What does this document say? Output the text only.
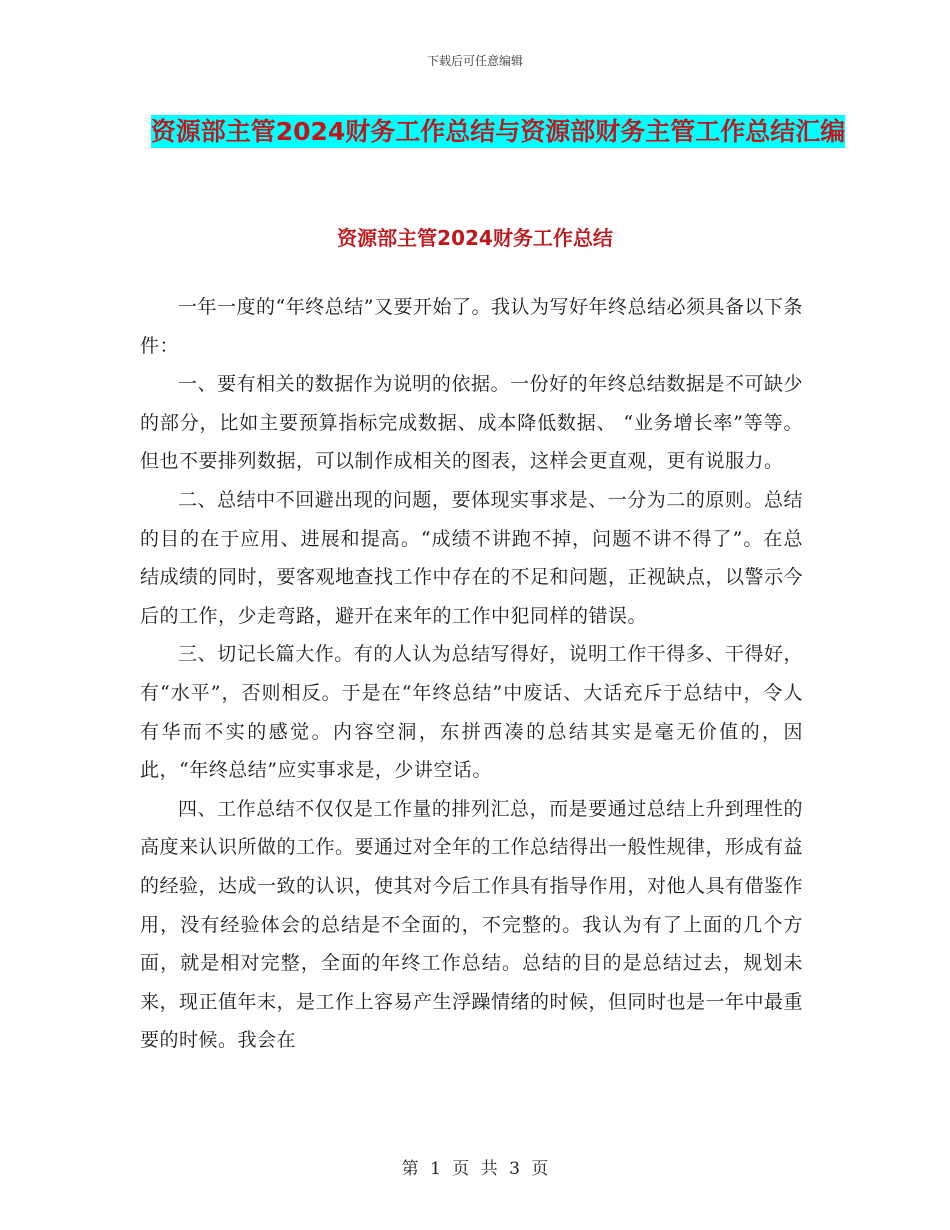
下载后可任意编辑
资源部主管2024财务工作总结与资源部财务主管工作总结汇编
资源部主管2024财务工作总结

一年一度的“年终总结”又要开始了。我认为写好年终总结必须具备以下条件：

一、要有相关的数据作为说明的依据。一份好的年终总结数据是不可缺少的部分，比如主要预算指标完成数据、成本降低数据、 “业务增长率”等等。但也不要排列数据，可以制作成相关的图表，这样会更直观，更有说服力。

二、总结中不回避出现的问题，要体现实事求是、一分为二的原则。总结的目的在于应用、进展和提高。“成绩不讲跑不掉，问题不讲不得了”。在总结成绩的同时，要客观地查找工作中存在的不足和问题，正视缺点，以警示今后的工作，少走弯路，避开在来年的工作中犯同样的错误。

三、切记长篇大作。有的人认为总结写得好，说明工作干得多、干得好，有“水平”，否则相反。于是在“年终总结”中废话、大话充斥于总结中，令人有华而不实的感觉。内容空洞，东拼西凑的总结其实是毫无价值的，因此，“年终总结”应实事求是，少讲空话。

四、工作总结不仅仅是工作量的排列汇总，而是要通过总结上升到理性的高度来认识所做的工作。要通过对全年的工作总结得出一般性规律，形成有益的经验，达成一致的认识，使其对今后工作具有指导作用，对他人具有借鉴作用，没有经验体会的总结是不全面的，不完整的。我认为有了上面的几个方面，就是相对完整，全面的年终工作总结。总结的目的是总结过去，规划未来，现正值年末，是工作上容易产生浮躁情绪的时候，但同时也是一年中最重要的时候。我会在

第 1 页 共 3 页
